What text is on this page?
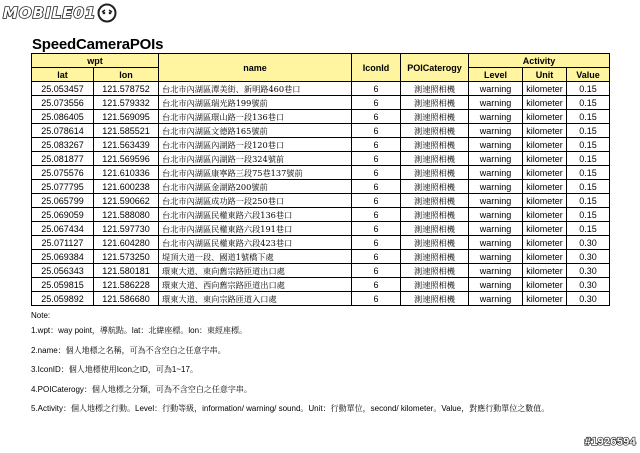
MOBILE01
SpeedCameraPOIs
wpt		name	IconId	POICaterogy	Activity		
lat	lon				Level	Unit	Value
25.053457	121.578752	台北市內湖區潭美街、新明路460巷口	6	測速照相機	warning	kilometer	0.15
25.073556	121.579332	台北市內湖區瑞光路199號前	6	測速照相機	warning	kilometer	0.15
25.086405	121.569095	台北市內湖區環山路一段136巷口	6	測速照相機	warning	kilometer	0.15
25.078614	121.585521	台北市內湖區文德路165號前	6	測速照相機	warning	kilometer	0.15
25.083267	121.563439	台北市內湖區內湖路一段120巷口	6	測速照相機	warning	kilometer	0.15
25.081877	121.569596	台北市內湖區內湖路一段324號前	6	測速照相機	warning	kilometer	0.15
25.075576	121.610336	台北市內湖區康寧路三段75巷137號前	6	測速照相機	warning	kilometer	0.15
25.077795	121.600238	台北市內湖區金湖路200號前	6	測速照相機	warning	kilometer	0.15
25.065799	121.590662	台北市內湖區成功路一段250巷口	6	測速照相機	warning	kilometer	0.15
25.069059	121.588080	台北市內湖區民權東路六段136巷口	6	測速照相機	warning	kilometer	0.15
25.067434	121.597730	台北市內湖區民權東路六段191巷口	6	測速照相機	warning	kilometer	0.15
25.071127	121.604280	台北市內湖區民權東路六段423巷口	6	測速照相機	warning	kilometer	0.30
25.069384	121.573250	堤頂大道一段、國道1號橋下處	6	測速照相機	warning	kilometer	0.30
25.056343	121.580181	環東大道、東向舊宗路匝道出口處	6	測速照相機	warning	kilometer	0.30
25.059815	121.586228	環東大道、西向舊宗路匝道出口處	6	測速照相機	warning	kilometer	0.30
25.059892	121.586680	環東大道、東向宗路匝道入口處	6	測速照相機	warning	kilometer	0.30
Note:
1.wpt：way point，導航點。lat：北緯座標。lon：東經座標。
2.name：個人地標之名稱，可為不含空白之任意字串。
3.IconID：個人地標使用Icon之ID，可為1~17。
4.POICaterogy：個人地標之分類，可為不含空白之任意字串。
5.Activity：個人地標之行動。Level：行動等級，information/ warning/ sound。Unit：行動單位，second/ kilometer。Value，對應行動單位之數值。
#1926594
